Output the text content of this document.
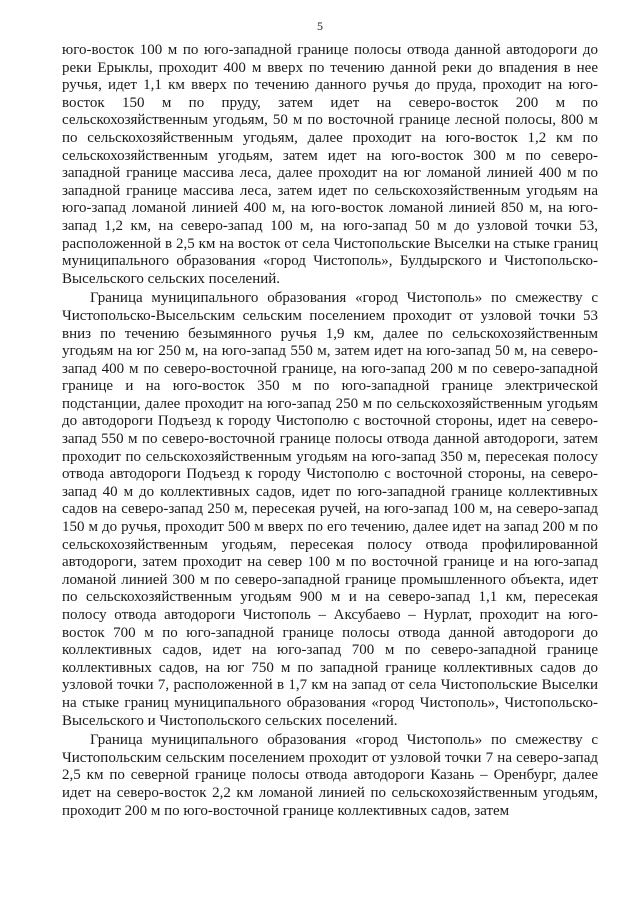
5

юго-восток 100 м по юго-западной границе полосы отвода данной автодороги до реки Ерыклы, проходит 400 м вверх по течению данной реки до впадения в нее ручья, идет 1,1 км вверх по течению данного ручья до пруда, проходит на юго-восток 150 м по пруду, затем идет на северо-восток 200 м по сельскохозяйственным угодьям, 50 м по восточной границе лесной полосы, 800 м по сельскохозяйственным угодьям, далее проходит на юго-восток 1,2 км по сельскохозяйственным угодьям, затем идет на юго-восток 300 м по северо-западной границе массива леса, далее проходит на юг ломаной линией 400 м по западной границе массива леса, затем идет по сельскохозяйственным угодьям на юго-запад ломаной линией 400 м, на юго-восток ломаной линией 850 м, на юго-запад 1,2 км, на северо-запад 100 м, на юго-запад 50 м до узловой точки 53, расположенной в 2,5 км на восток от села Чистопольские Выселки на стыке границ муниципального образования «город Чистополь», Булдырского и Чистопольско-Высельского сельских поселений.

Граница муниципального образования «город Чистополь» по смежеству с Чистопольско-Высельским сельским поселением проходит от узловой точки 53 вниз по течению безымянного ручья 1,9 км, далее по сельскохозяйственным угодьям на юг 250 м, на юго-запад 550 м, затем идет на юго-запад 50 м, на северо-запад 400 м по северо-восточной границе, на юго-запад 200 м по северо-западной границе и на юго-восток 350 м по юго-западной границе электрической подстанции, далее проходит на юго-запад 250 м по сельскохозяйственным угодьям до автодороги Подъезд к городу Чистополю с восточной стороны, идет на северо-запад 550 м по северо-восточной границе полосы отвода данной автодороги, затем проходит по сельскохозяйственным угодьям на юго-запад 350 м, пересекая полосу отвода автодороги Подъезд к городу Чистополю с восточной стороны, на северо-запад 40 м до коллективных садов, идет по юго-западной границе коллективных садов на северо-запад 250 м, пересекая ручей, на юго-запад 100 м, на северо-запад 150 м до ручья, проходит 500 м вверх по его течению, далее идет на запад 200 м по сельскохозяйственным угодьям, пересекая полосу отвода профилированной автодороги, затем проходит на север 100 м по восточной границе и на юго-запад ломаной линией 300 м по северо-западной границе промышленного объекта, идет по сельскохозяйственным угодьям 900 м и на северо-запад 1,1 км, пересекая полосу отвода автодороги Чистополь – Аксубаево – Нурлат, проходит на юго-восток 700 м по юго-западной границе полосы отвода данной автодороги до коллективных садов, идет на юго-запад 700 м по северо-западной границе коллективных садов, на юг 750 м по западной границе коллективных садов до узловой точки 7, расположенной в 1,7 км на запад от села Чистопольские Выселки на стыке границ муниципального образования «город Чистополь», Чистопольско-Высельского и Чистопольского сельских поселений.

Граница муниципального образования «город Чистополь» по смежеству с Чистопольским сельским поселением проходит от узловой точки 7 на северо-запад 2,5 км по северной границе полосы отвода автодороги Казань – Оренбург, далее идет на северо-восток 2,2 км ломаной линией по сельскохозяйственным угодьям, проходит 200 м по юго-восточной границе коллективных садов, затем
